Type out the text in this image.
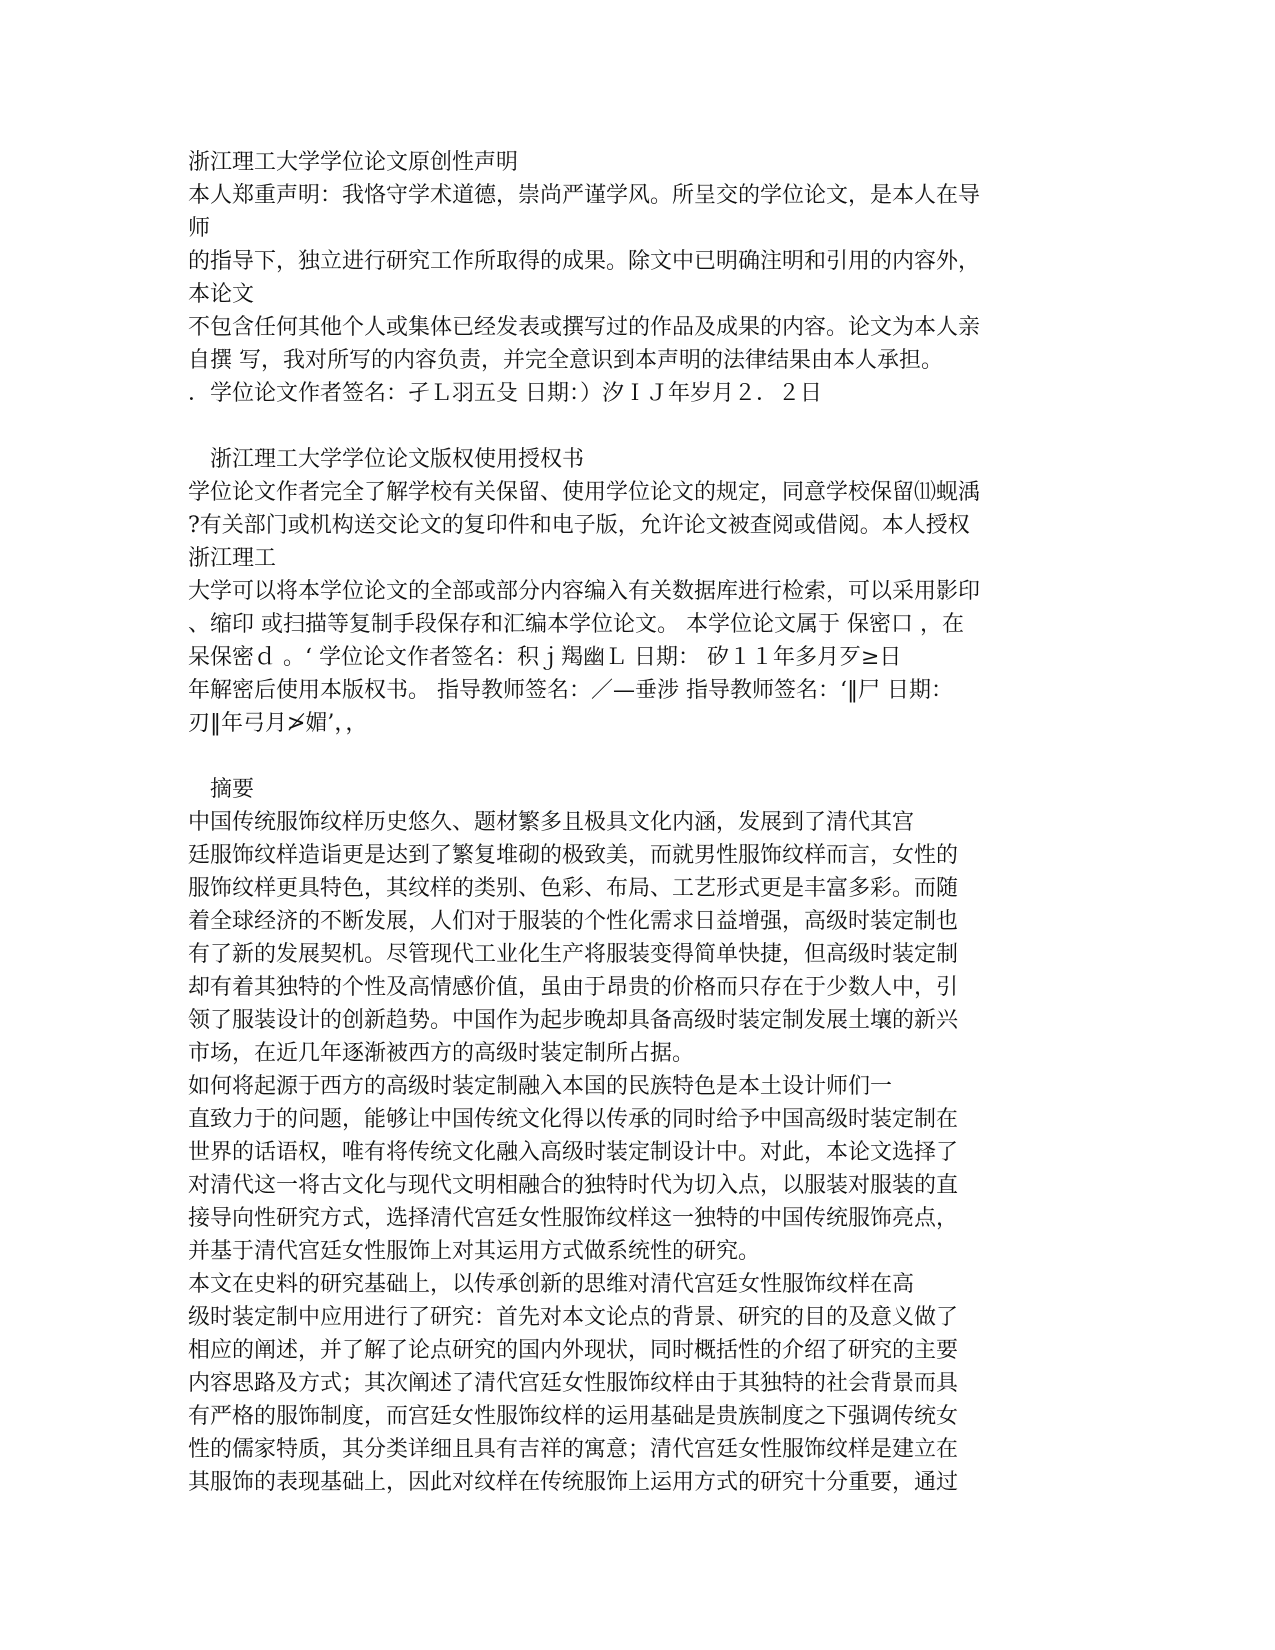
浙江理工大学学位论文原创性声明
本人郑重声明：我恪守学术道德，崇尚严谨学风。所呈交的学位论文，是本人在导
师
的指导下，独立进行研究工作所取得的成果。除文中已明确注明和引用的内容外，
本论文
不包含任何其他个人或集体已经发表或撰写过的作品及成果的内容。论文为本人亲
自撰 写，我对所写的内容负责，并完全意识到本声明的法律结果由本人承担。
．学位论文作者签名：孑Ｌ羽五殳 日期：）汐ＩＪ年岁月２．２日
浙江理工大学学位论文版权使用授权书
学位论文作者完全了解学校有关保留、使用学位论文的规定，同意学校保留⑾蚬渪
?有关部门或机构送交论文的复印件和电子版，允许论文被查阅或借阅。本人授权
浙江理工
大学可以将本学位论文的全部或部分内容编入有关数据库进行检索，可以采用影印
、缩印 或扫描等复制手段保存和汇编本学位论文。 本学位论文属于 保密口 ，在
呆保密ｄ 。‘ 学位论文作者签名：积ｊ羯幽Ｌ 日期： 矽１１年多月歹≥日
年解密后使用本版权书。 指导教师签名：／—垂涉 指导教师签名：‘‖尸 日期：
刃‖年弓月≯媚’，，
摘要
中国传统服饰纹样历史悠久、题材繁多且极具文化内涵，发展到了清代其宫
廷服饰纹样造诣更是达到了繁复堆砌的极致美，而就男性服饰纹样而言，女性的
服饰纹样更具特色，其纹样的类别、色彩、布局、工艺形式更是丰富多彩。而随
着全球经济的不断发展，人们对于服装的个性化需求日益增强，高级时装定制也
有了新的发展契机。尽管现代工业化生产将服装变得简单快捷，但高级时装定制
却有着其独特的个性及高情感价值，虽由于昂贵的价格而只存在于少数人中，引
领了服装设计的创新趋势。中国作为起步晚却具备高级时装定制发展土壤的新兴
市场，在近几年逐渐被西方的高级时装定制所占据。
如何将起源于西方的高级时装定制融入本国的民族特色是本土设计师们一
直致力于的问题，能够让中国传统文化得以传承的同时给予中国高级时装定制在
世界的话语权，唯有将传统文化融入高级时装定制设计中。对此，本论文选择了
对清代这一将古文化与现代文明相融合的独特时代为切入点，以服装对服装的直
接导向性研究方式，选择清代宫廷女性服饰纹样这一独特的中国传统服饰亮点，
并基于清代宫廷女性服饰上对其运用方式做系统性的研究。
本文在史料的研究基础上，以传承创新的思维对清代宫廷女性服饰纹样在高
级时装定制中应用进行了研究：首先对本文论点的背景、研究的目的及意义做了
相应的阐述，并了解了论点研究的国内外现状，同时概括性的介绍了研究的主要
内容思路及方式；其次阐述了清代宫廷女性服饰纹样由于其独特的社会背景而具
有严格的服饰制度，而宫廷女性服饰纹样的运用基础是贵族制度之下强调传统女
性的儒家特质，其分类详细且具有吉祥的寓意；清代宫廷女性服饰纹样是建立在
其服饰的表现基础上，因此对纹样在传统服饰上运用方式的研究十分重要，通过
